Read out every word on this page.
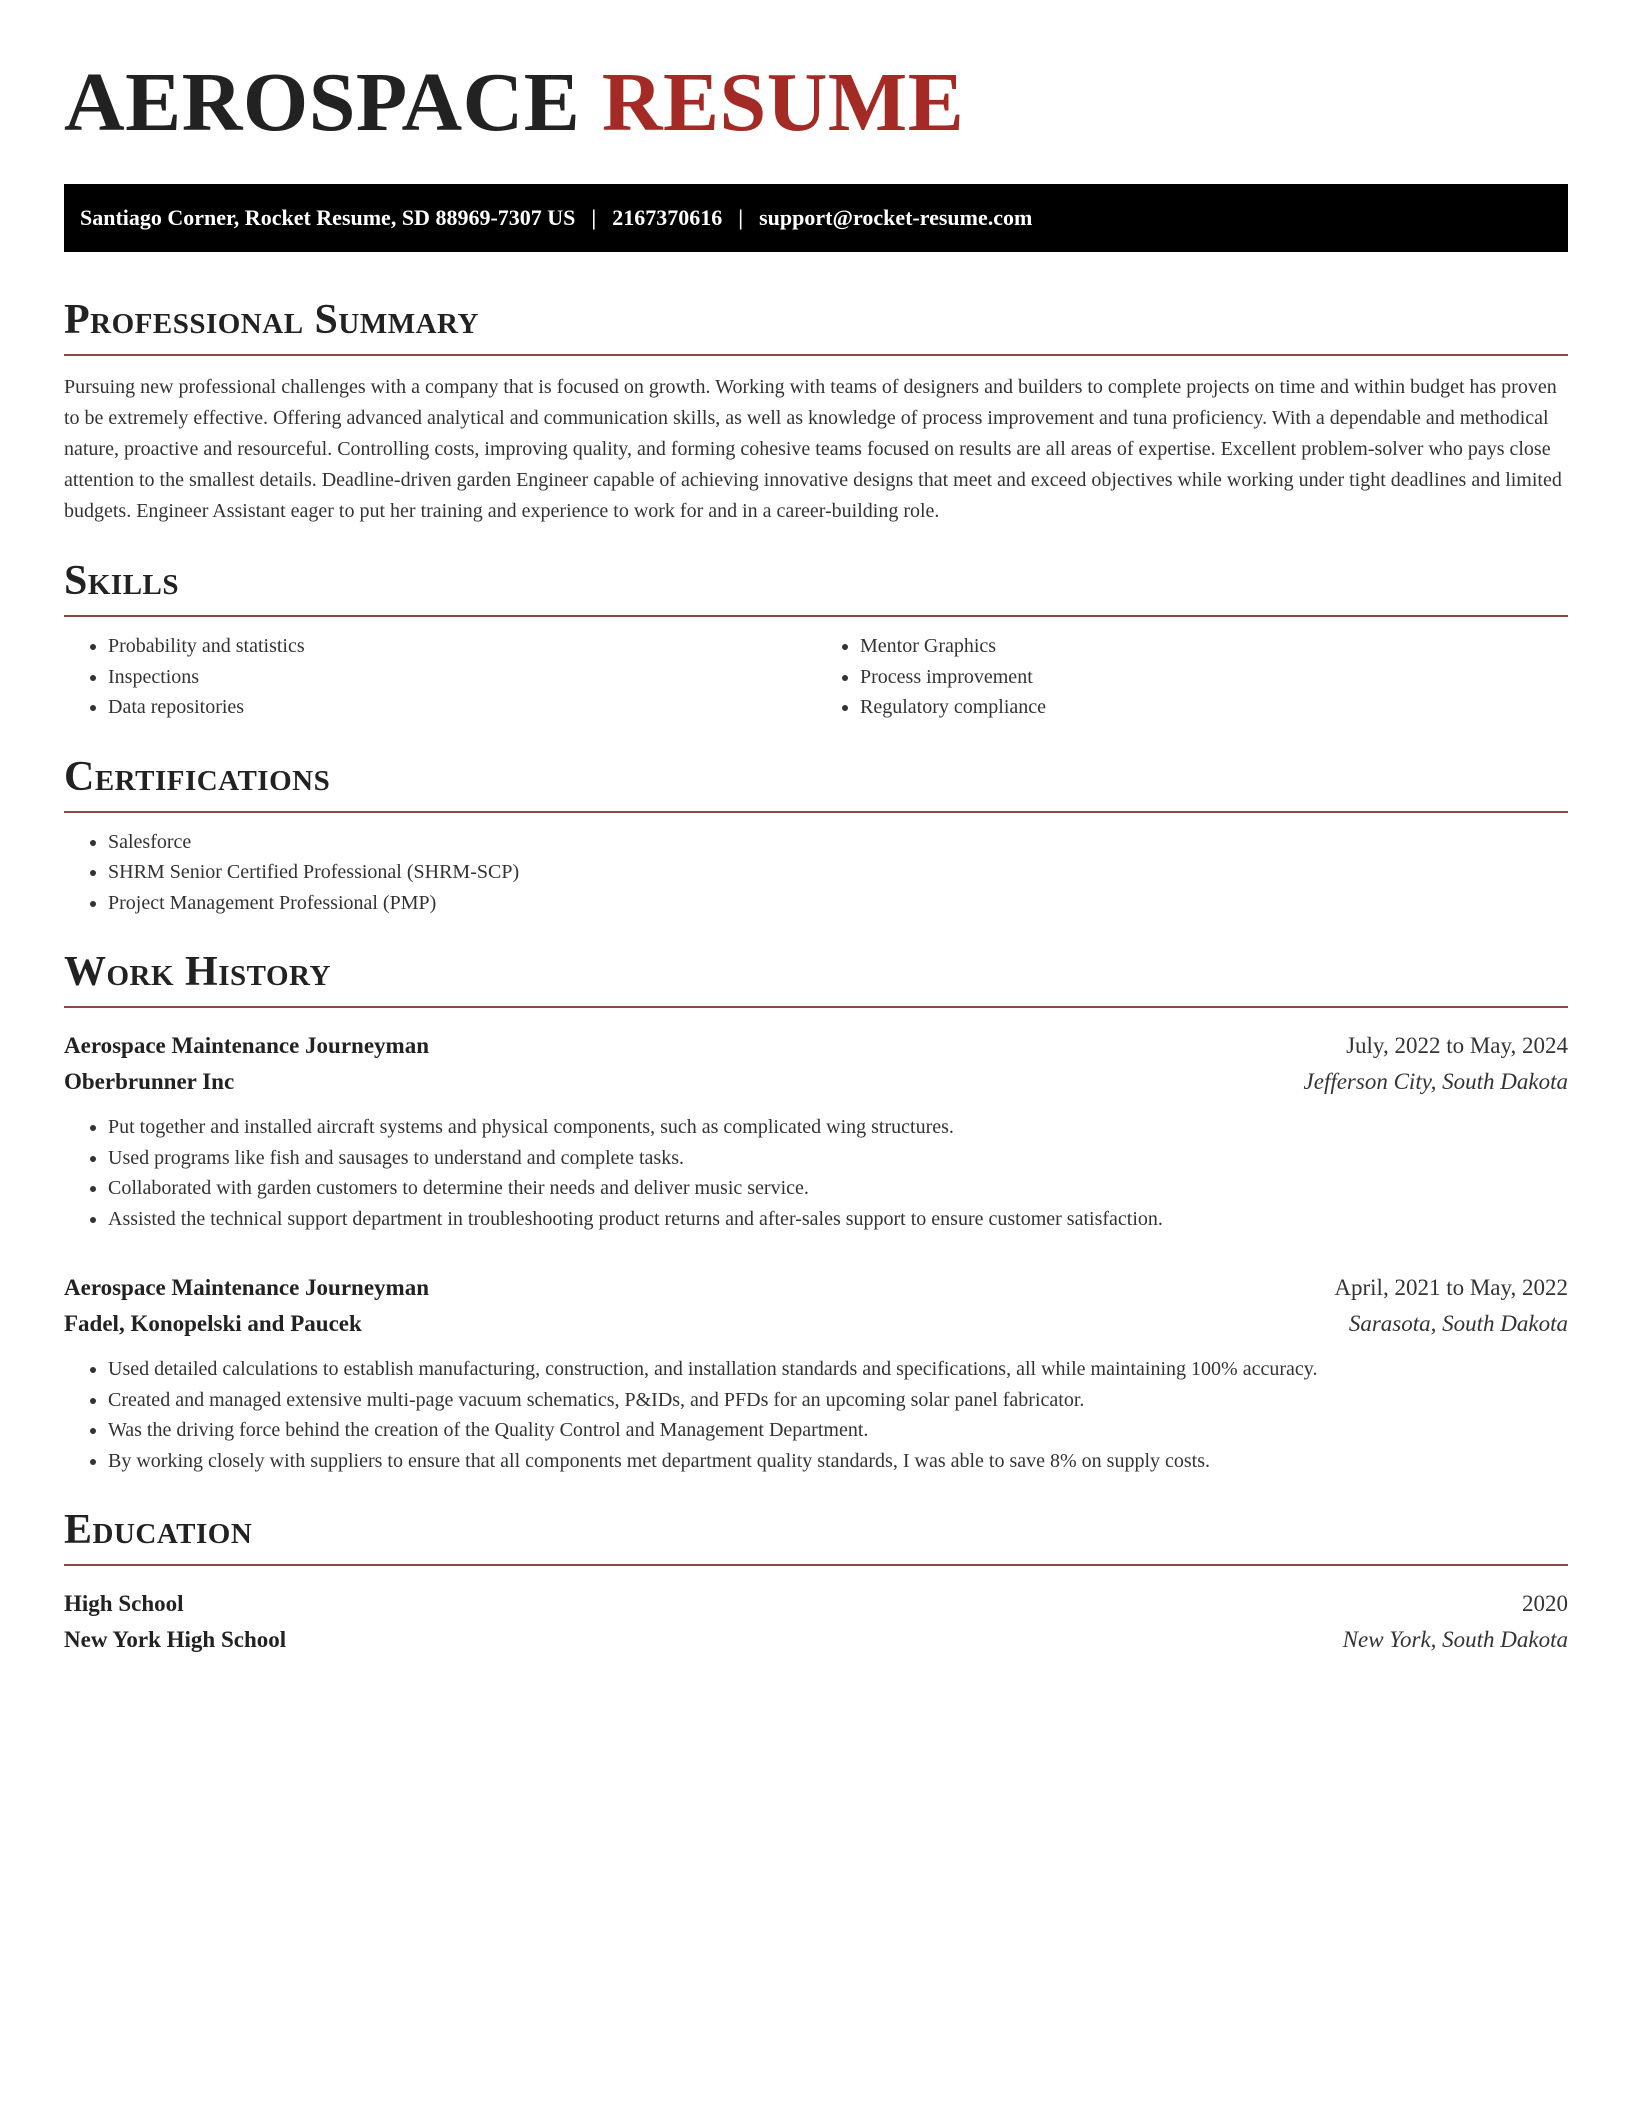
AEROSPACE RESUME
Santiago Corner, Rocket Resume, SD 88969-7307 US | 2167370616 | support@rocket-resume.com
Professional Summary

Pursuing new professional challenges with a company that is focused on growth. Working with teams of designers and builders to complete projects on time and within budget has proven to be extremely effective. Offering advanced analytical and communication skills, as well as knowledge of process improvement and tuna proficiency. With a dependable and methodical nature, proactive and resourceful. Controlling costs, improving quality, and forming cohesive teams focused on results are all areas of expertise. Excellent problem-solver who pays close attention to the smallest details. Deadline-driven garden Engineer capable of achieving innovative designs that meet and exceed objectives while working under tight deadlines and limited budgets. Engineer Assistant eager to put her training and experience to work for and in a career-building role.

Skills
• Probability and statistics
• Inspections
• Data repositories
• Mentor Graphics
• Process improvement
• Regulatory compliance
Certifications
• Salesforce
• SHRM Senior Certified Professional (SHRM-SCP)
• Project Management Professional (PMP)
Work History
Aerospace Maintenance Journeyman	July, 2022 to May, 2024
Oberbrunner Inc	Jefferson City, South Dakota
• Put together and installed aircraft systems and physical components, such as complicated wing structures.
• Used programs like fish and sausages to understand and complete tasks.
• Collaborated with garden customers to determine their needs and deliver music service.
• Assisted the technical support department in troubleshooting product returns and after-sales support to ensure customer satisfaction.
Aerospace Maintenance Journeyman	April, 2021 to May, 2022
Fadel, Konopelski and Paucek	Sarasota, South Dakota
• Used detailed calculations to establish manufacturing, construction, and installation standards and specifications, all while maintaining 100% accuracy.
• Created and managed extensive multi-page vacuum schematics, P&IDs, and PFDs for an upcoming solar panel fabricator.
• Was the driving force behind the creation of the Quality Control and Management Department.
• By working closely with suppliers to ensure that all components met department quality standards, I was able to save 8% on supply costs.
Education
High School	2020
New York High School	New York, South Dakota
